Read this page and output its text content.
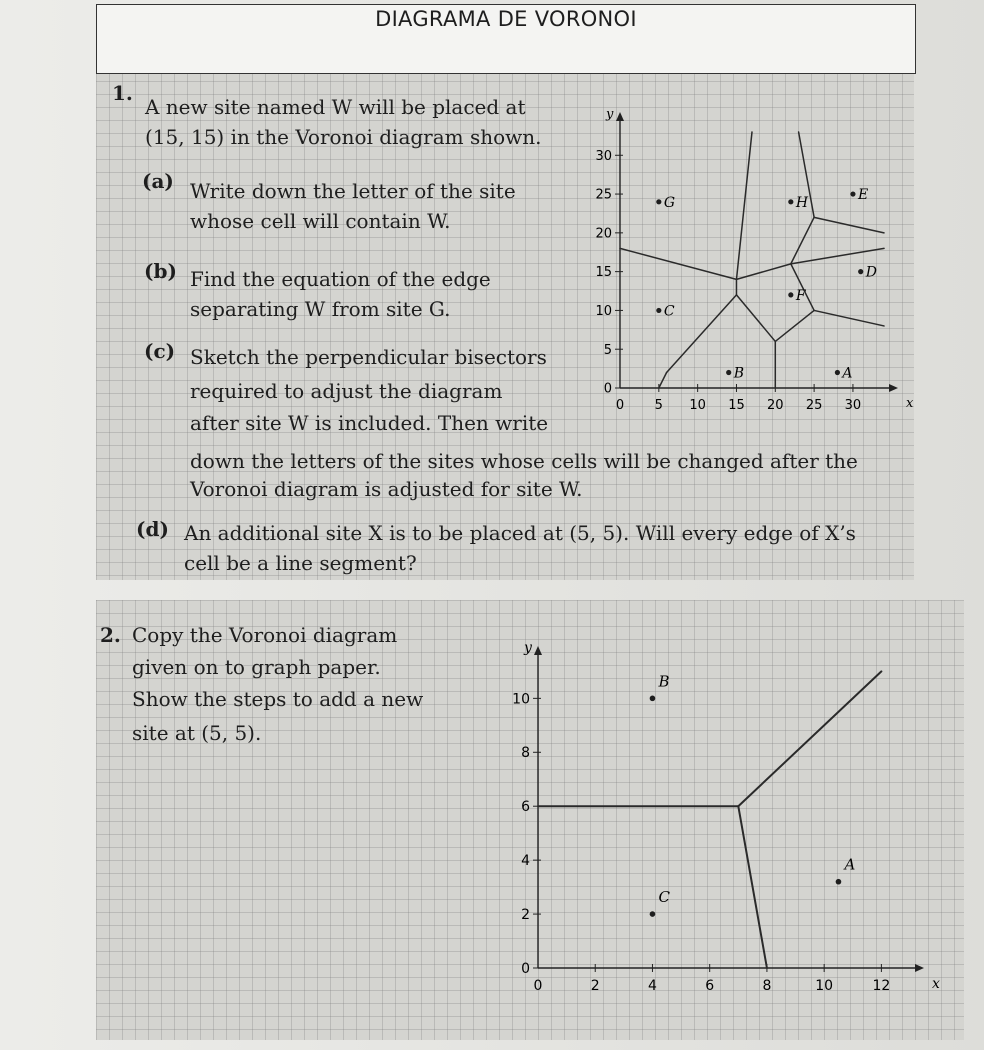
DIAGRAMA DE VORONOI
1.
A new site named W will be placed at
(15, 15) in the Voronoi diagram shown.
(a) Write down the letter of the site
whose cell will contain W.
(b) Find the equation of the edge
separating W from site G.
(c) Sketch the perpendicular bisectors
required to adjust the diagram
after site W is included. Then write
down the letters of the sites whose cells will be changed after the
Voronoi diagram is adjusted for site W.
(d) An additional site X is to be placed at (5, 5). Will every edge of X’s
cell be a line segment?
x
y
0 5 10 15 20 25 30
0
5
10
15
20
25
30
G
C
H	E
D
F
B	A
2. Copy the Voronoi diagram
given on to graph paper.
Show the steps to add a new
site at (5, 5).
x
y
0	2	4	6	8	10	12
0
2
4
6
8
10
B
C
A
